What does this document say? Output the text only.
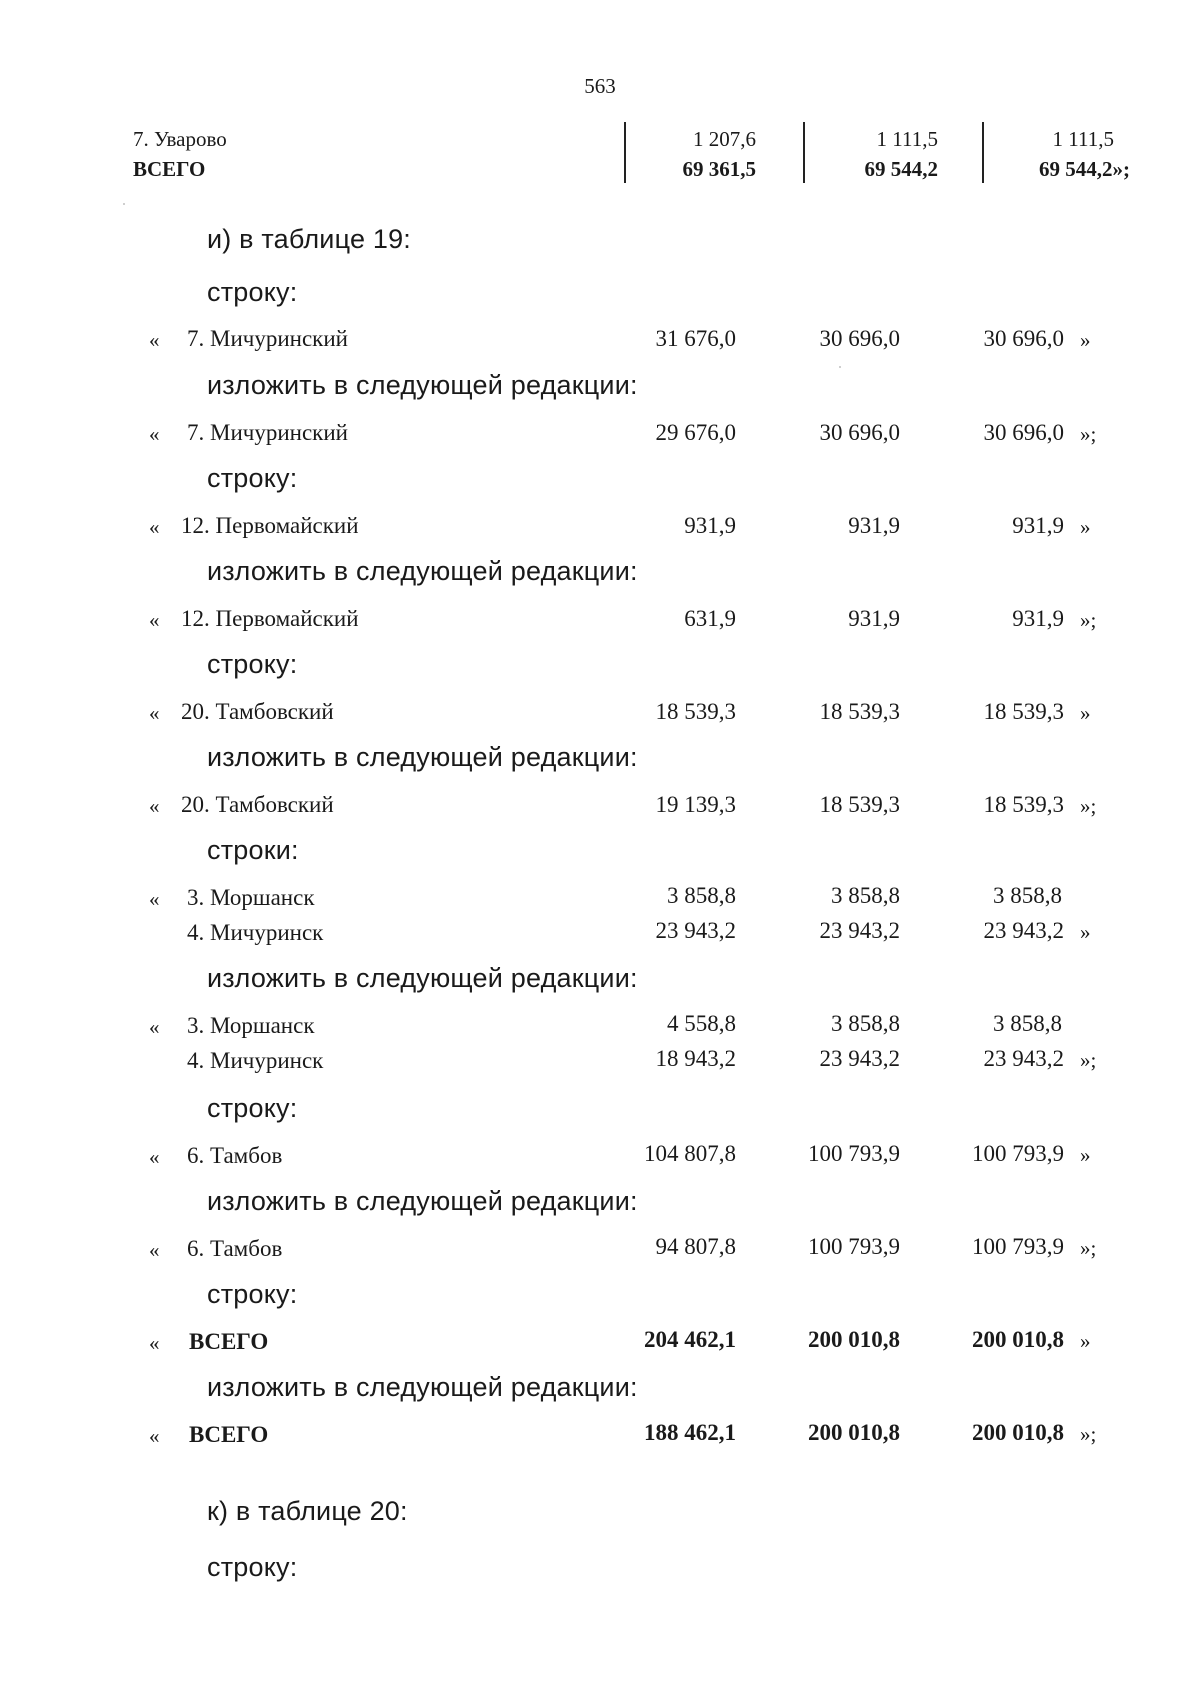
563
7. Уварово	1 207,6	1 111,5	1 111,5
ВСЕГО	69 361,5	69 544,2	69 544,2»;
и) в таблице 19:
строку:
« 7. Мичуринский	31 676,0	30 696,0	30 696,0 »
изложить в следующей редакции:
« 7. Мичуринский	29 676,0	30 696,0	30 696,0 »;
строку:
« 12. Первомайский	931,9	931,9	931,9 »
изложить в следующей редакции:
« 12. Первомайский	631,9	931,9	931,9 »;
строку:
« 20. Тамбовский	18 539,3	18 539,3	18 539,3 »
изложить в следующей редакции:
« 20. Тамбовский	19 139,3	18 539,3	18 539,3 »;
строки:
« 3. Моршанск	3 858,8	3 858,8	3 858,8
4. Мичуринск	23 943,2	23 943,2	23 943,2 »
изложить в следующей редакции:
« 3. Моршанск	4 558,8	3 858,8	3 858,8
4. Мичуринск	18 943,2	23 943,2	23 943,2 »;
строку:
« 6. Тамбов	104 807,8	100 793,9	100 793,9 »
изложить в следующей редакции:
« 6. Тамбов	94 807,8	100 793,9	100 793,9 »;
строку:
« ВСЕГО	204 462,1	200 010,8	200 010,8 »
изложить в следующей редакции:
« ВСЕГО	188 462,1	200 010,8	200 010,8 »;
к) в таблице 20:
строку:
